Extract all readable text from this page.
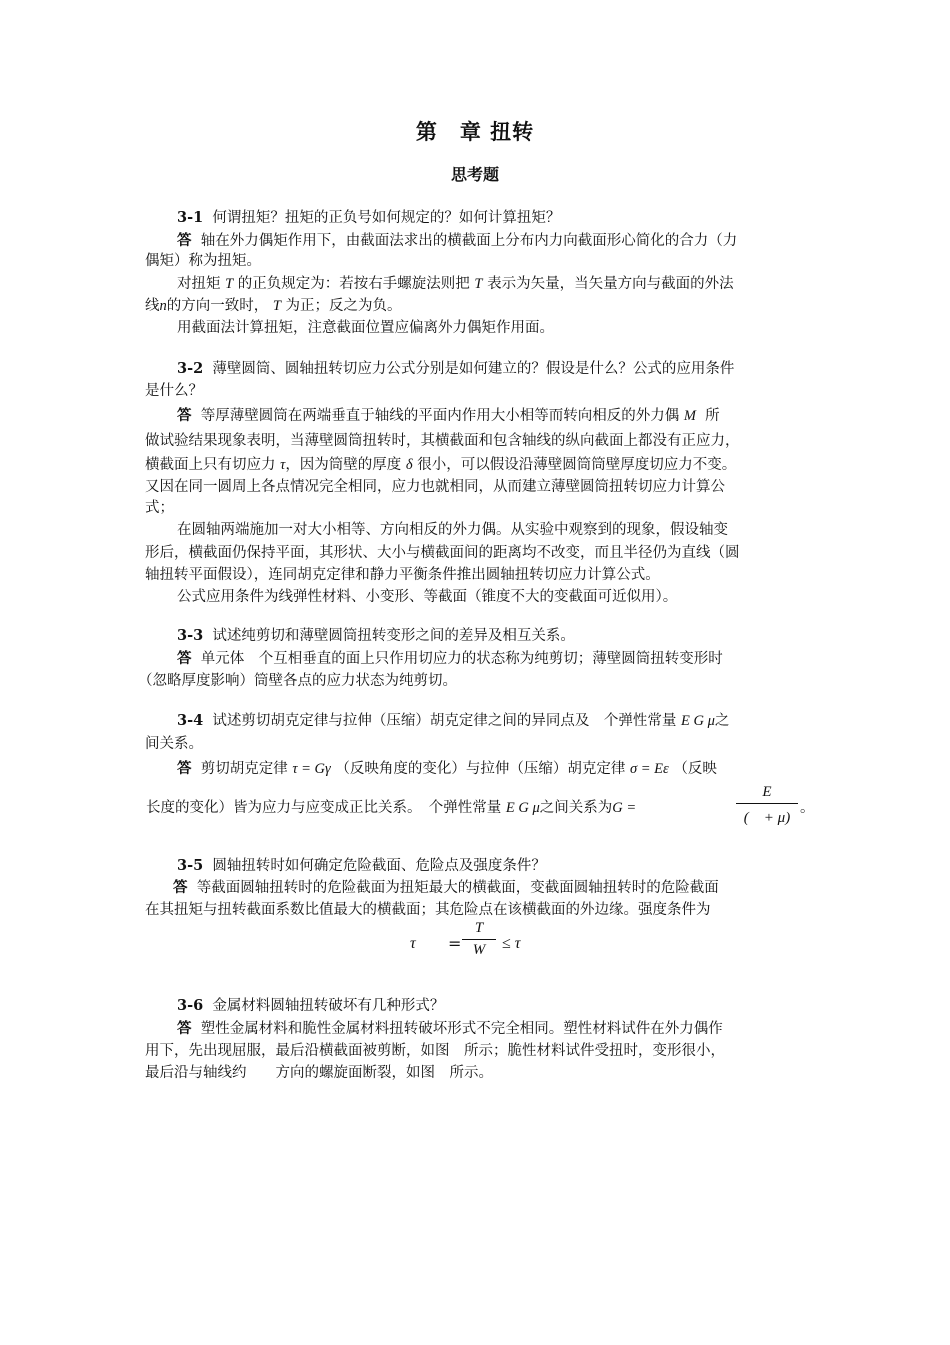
第　章 扭转
思考题
3-1 何谓扭矩？扭矩的正负号如何规定的？如何计算扭矩？
答 轴在外力偶矩作用下，由截面法求出的横截面上分布内力向截面形心简化的合力（力
偶矩）称为扭矩。
对扭矩 T 的正负规定为：若按右手螺旋法则把 T 表示为矢量，当矢量方向与截面的外法
线n的方向一致时， T 为正；反之为负。
用截面法计算扭矩，注意截面位置应偏离外力偶矩作用面。
3-2 薄壁圆筒、圆轴扭转切应力公式分别是如何建立的？假设是什么？公式的应用条件
是什么？
答 等厚薄壁圆筒在两端垂直于轴线的平面内作用大小相等而转向相反的外力偶 M 所
做试验结果现象表明，当薄壁圆筒扭转时，其横截面和包含轴线的纵向截面上都没有正应力，
横截面上只有切应力 τ，因为筒壁的厚度 δ 很小，可以假设沿薄壁圆筒筒壁厚度切应力不变。
又因在同一圆周上各点情况完全相同，应力也就相同，从而建立薄壁圆筒扭转切应力计算公
式；
在圆轴两端施加一对大小相等、方向相反的外力偶。从实验中观察到的现象，假设轴变
形后，横截面仍保持平面，其形状、大小与横截面间的距离均不改变，而且半径仍为直线（圆
轴扭转平面假设），连同胡克定律和静力平衡条件推出圆轴扭转切应力计算公式。
公式应用条件为线弹性材料、小变形、等截面（锥度不大的变截面可近似用）。
3-3 试述纯剪切和薄壁圆筒扭转变形之间的差异及相互关系。
答 单元体　个互相垂直的面上只作用切应力的状态称为纯剪切；薄壁圆筒扭转变形时
（忽略厚度影响）筒壁各点的应力状态为纯剪切。
3-4 试述剪切胡克定律与拉伸（压缩）胡克定律之间的异同点及　个弹性常量 E G μ之
间关系。
答 剪切胡克定律 τ = Gγ （反映角度的变化）与拉伸（压缩）胡克定律 σ = Eε （反映
长度的变化）皆为应力与应变成正比关系。　个弹性常量 E G μ之间关系为G =
E
(　+ μ)
。
3-5 圆轴扭转时如何确定危险截面、危险点及强度条件？
答 等截面圆轴扭转时的危险截面为扭矩最大的横截面，变截面圆轴扭转时的危险截面
在其扭矩与扭转截面系数比值最大的横截面；其危险点在该横截面的外边缘。强度条件为
τ =
T
W	≤ τ
3-6 金属材料圆轴扭转破坏有几种形式？
答 塑性金属材料和脆性金属材料扭转破坏形式不完全相同。塑性材料试件在外力偶作
用下，先出现屈服，最后沿横截面被剪断，如图　所示；脆性材料试件受扭时，变形很小，
最后沿与轴线约　　方向的螺旋面断裂，如图　所示。
